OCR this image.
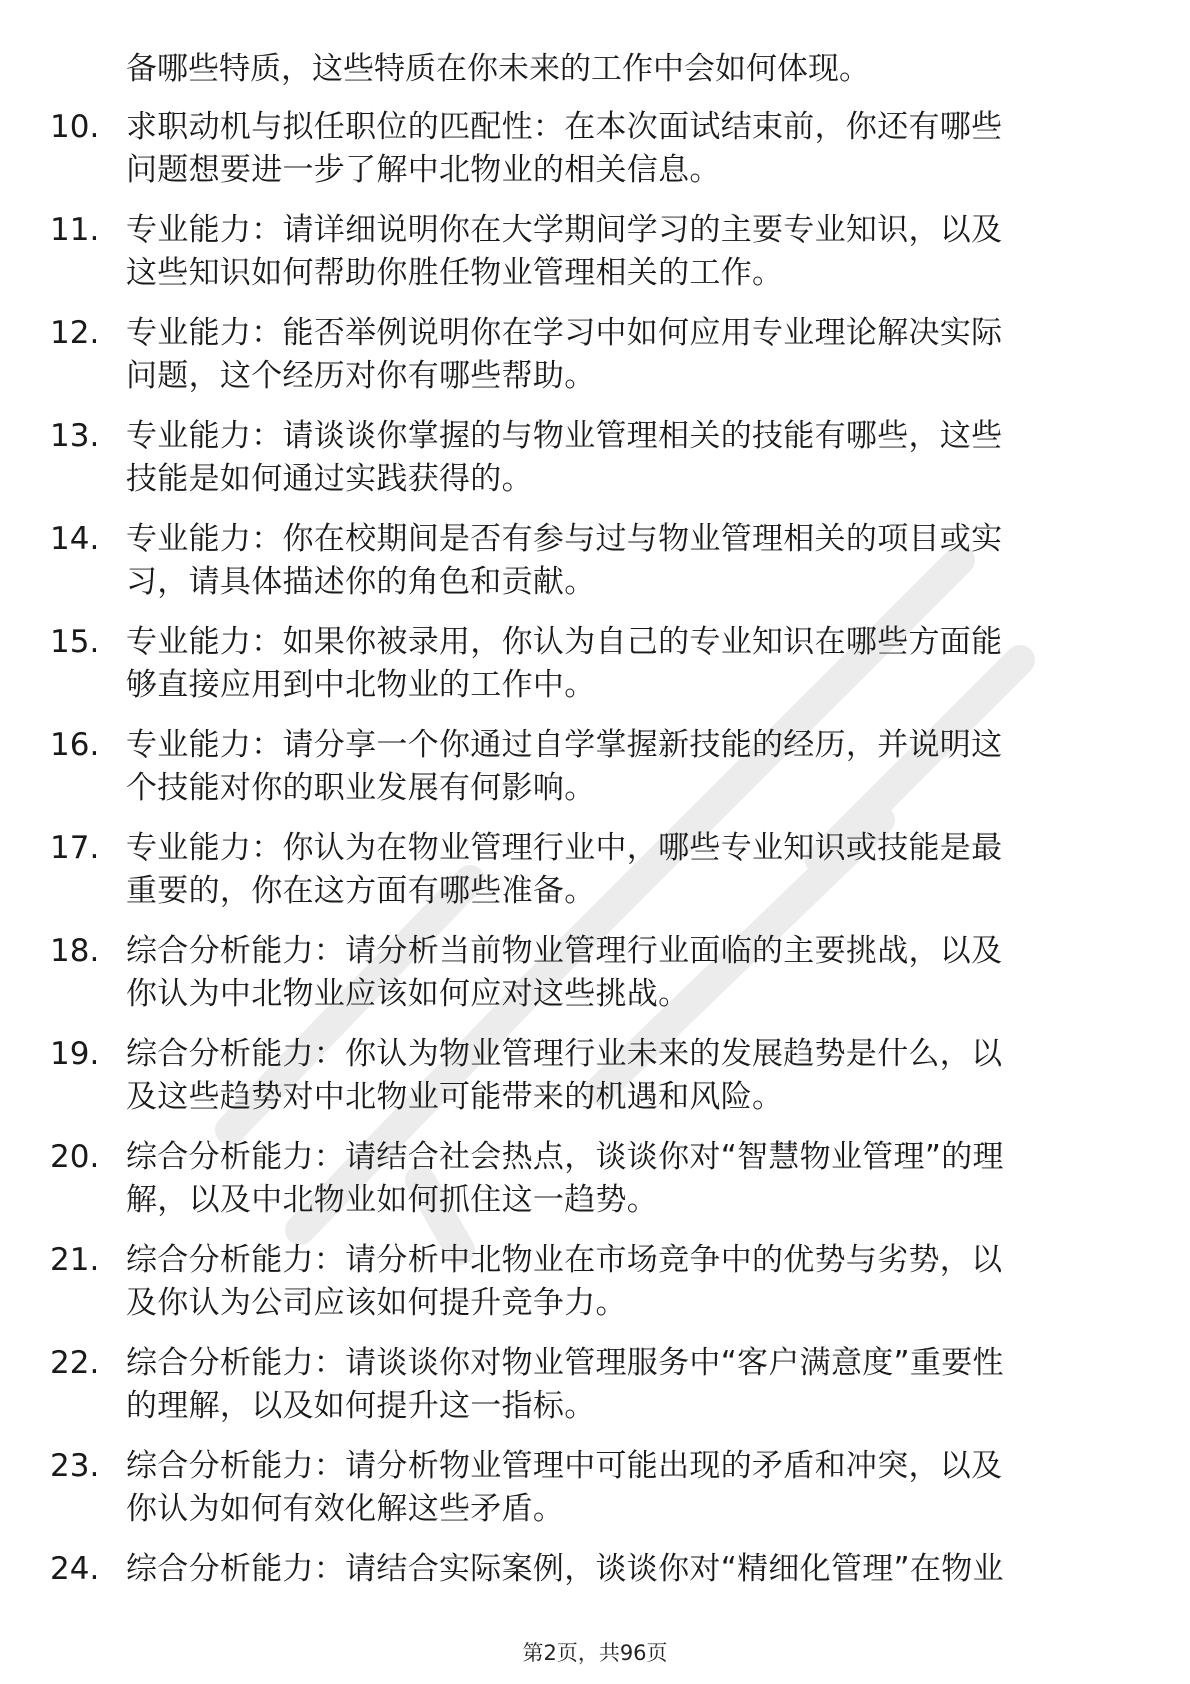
备哪些特质，这些特质在你未来的工作中会如何体现。

10. 求职动机与拟任职位的匹配性：在本次面试结束前，你还有哪些
问题想要进一步了解中北物业的相关信息。
11. 专业能力：请详细说明你在大学期间学习的主要专业知识，以及
这些知识如何帮助你胜任物业管理相关的工作。
12. 专业能力：能否举例说明你在学习中如何应用专业理论解决实际
问题，这个经历对你有哪些帮助。
13. 专业能力：请谈谈你掌握的与物业管理相关的技能有哪些，这些
技能是如何通过实践获得的。
14. 专业能力：你在校期间是否有参与过与物业管理相关的项目或实
习，请具体描述你的角色和贡献。
15. 专业能力：如果你被录用，你认为自己的专业知识在哪些方面能
够直接应用到中北物业的工作中。
16. 专业能力：请分享一个你通过自学掌握新技能的经历，并说明这
个技能对你的职业发展有何影响。
17. 专业能力：你认为在物业管理行业中，哪些专业知识或技能是最
重要的，你在这方面有哪些准备。
18. 综合分析能力：请分析当前物业管理行业面临的主要挑战，以及
你认为中北物业应该如何应对这些挑战。
19. 综合分析能力：你认为物业管理行业未来的发展趋势是什么，以
及这些趋势对中北物业可能带来的机遇和风险。
20. 综合分析能力：请结合社会热点，谈谈你对“智慧物业管理”的理
解，以及中北物业如何抓住这一趋势。
21. 综合分析能力：请分析中北物业在市场竞争中的优势与劣势，以
及你认为公司应该如何提升竞争力。
22. 综合分析能力：请谈谈你对物业管理服务中“客户满意度”重要性
的理解，以及如何提升这一指标。
23. 综合分析能力：请分析物业管理中可能出现的矛盾和冲突，以及
你认为如何有效化解这些矛盾。
24. 综合分析能力：请结合实际案例，谈谈你对“精细化管理”在物业
第2页，共96页
